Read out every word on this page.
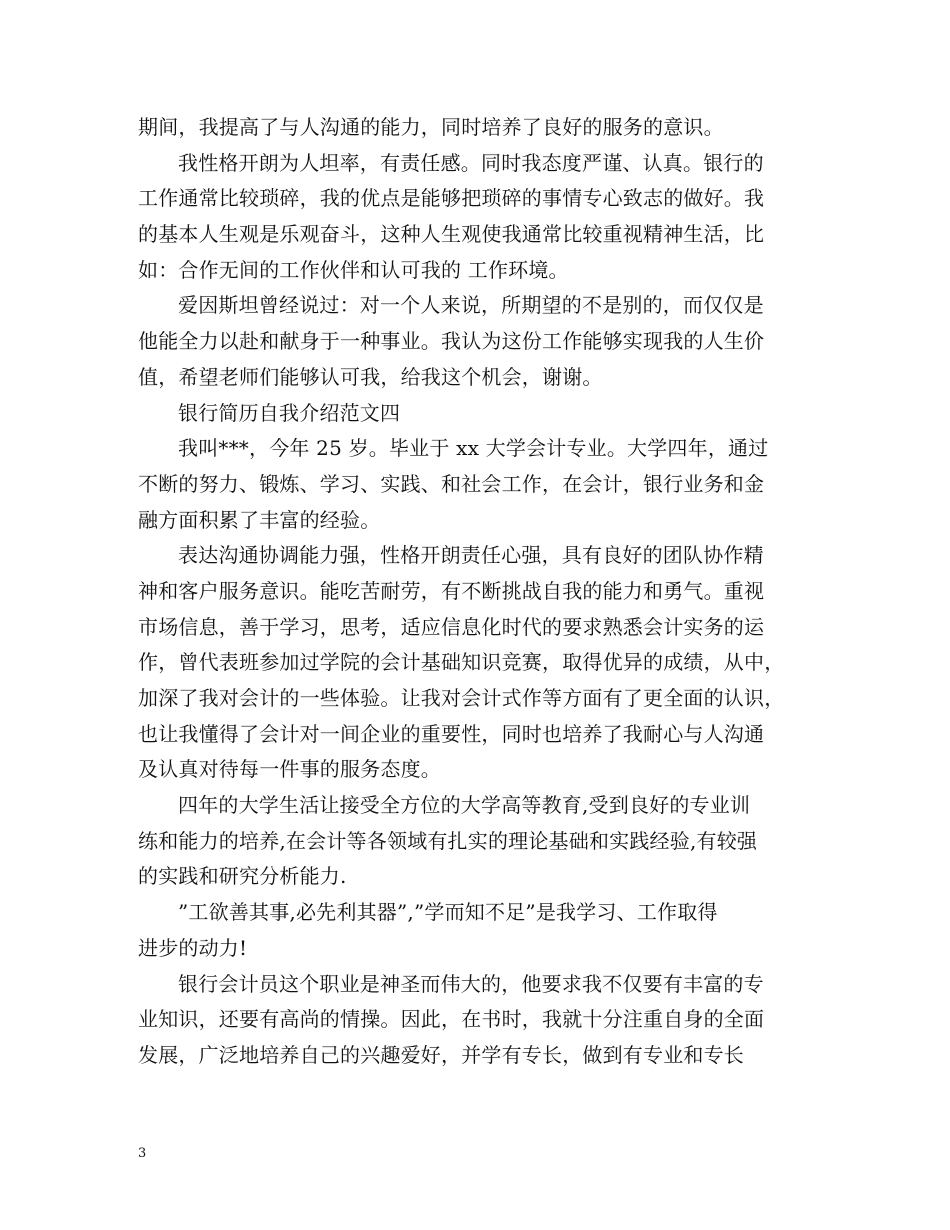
期间，我提高了与人沟通的能力，同时培养了良好的服务的意识。
我性格开朗为人坦率，有责任感。同时我态度严谨、认真。银行的
工作通常比较琐碎，我的优点是能够把琐碎的事情专心致志的做好。我
的基本人生观是乐观奋斗，这种人生观使我通常比较重视精神生活，比
如：合作无间的工作伙伴和认可我的 工作环境。
爱因斯坦曾经说过：对一个人来说，所期望的不是别的，而仅仅是
他能全力以赴和献身于一种事业。我认为这份工作能够实现我的人生价
值，希望老师们能够认可我，给我这个机会，谢谢。
银行简历自我介绍范文四
我叫***，今年 25 岁。毕业于 xx 大学会计专业。大学四年，通过
不断的努力、锻炼、学习、实践、和社会工作，在会计，银行业务和金
融方面积累了丰富的经验。
表达沟通协调能力强，性格开朗责任心强，具有良好的团队协作精
神和客户服务意识。能吃苦耐劳，有不断挑战自我的能力和勇气。重视
市场信息，善于学习，思考，适应信息化时代的要求熟悉会计实务的运
作，曾代表班参加过学院的会计基础知识竞赛，取得优异的成绩，从中，
加深了我对会计的一些体验。让我对会计式作等方面有了更全面的认识，
也让我懂得了会计对一间企业的重要性，同时也培养了我耐心与人沟通
及认真对待每一件事的服务态度。
四年的大学生活让接受全方位的大学高等教育,受到良好的专业训
练和能力的培养,在会计等各领域有扎实的理论基础和实践经验,有较强
的实践和研究分析能力.
”工欲善其事,必先利其器”,”学而知不足”是我学习、工作取得
进步的动力!
银行会计员这个职业是神圣而伟大的，他要求我不仅要有丰富的专
业知识，还要有高尚的情操。因此，在书时，我就十分注重自身的全面
发展，广泛地培养自己的兴趣爱好，并学有专长，做到有专业和专长
3
